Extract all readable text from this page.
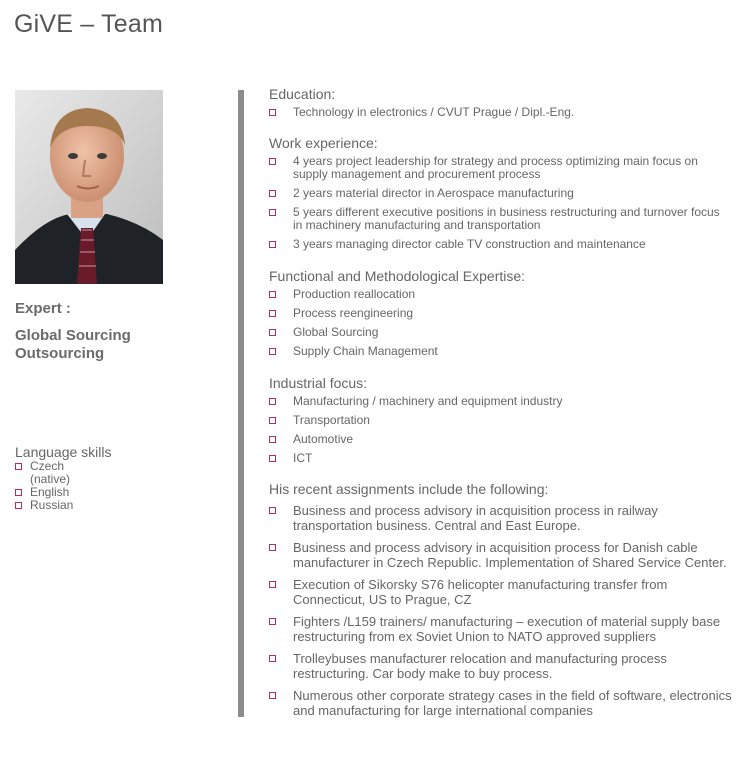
GiVE – Team
Expert :
Global Sourcing
Outsourcing
Language skills
Czech
(native)
English
Russian
Education:
Technology in electronics / CVUT Prague / Dipl.-Eng.
Work experience:
4 years project leadership for strategy and process optimizing main focus on
supply management and procurement process
2 years material director in Aerospace manufacturing
5 years different executive positions in business restructuring and turnover focus
in machinery manufacturing and transportation
3 years managing director cable TV construction and maintenance
Functional and Methodological Expertise:
Production reallocation
Process reengineering
Global Sourcing
Supply Chain Management
Industrial focus:
Manufacturing / machinery and equipment industry
Transportation
Automotive
ICT
His recent assignments include the following:
Business and process advisory in acquisition process in railway
transportation business. Central and East Europe.
Business and process advisory in acquisition process for Danish cable
manufacturer in Czech Republic. Implementation of Shared Service Center.
Execution of Sikorsky S76 helicopter manufacturing transfer from
Connecticut, US to Prague, CZ
Fighters /L159 trainers/ manufacturing – execution of material supply base
restructuring from ex Soviet Union to NATO approved suppliers
Trolleybuses manufacturer relocation and manufacturing process
restructuring. Car body make to buy process.
Numerous other corporate strategy cases in the field of software, electronics
and manufacturing for large international companies
